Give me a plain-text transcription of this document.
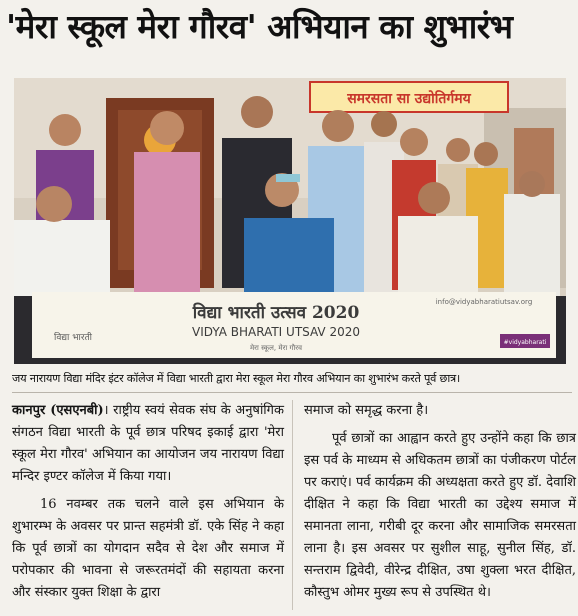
'मेरा स्कूल मेरा गौरव' अभियान का शुभारंभ
समरसता सा उद्योतिर्गमय
विद्या भारती
विद्या भारती उत्सव 2020
VIDYA BHARATI UTSAV 2020
मेरा स्कूल, मेरा गौरव
info@vidyabharatiutsav.org
#vidyabharati
जय नारायण विद्या मंदिर इंटर कॉलेज में विद्या भारती द्वारा मेरा स्कूल मेरा गौरव अभियान का शुभारंभ करते पूर्व छात्र।

कानपुर (एसएनबी)। राष्ट्रीय स्वयं सेवक संघ के अनुषांगिक संगठन विद्या भारती के पूर्व छात्र परिषद इकाई द्वारा 'मेरा स्कूल मेरा गौरव' अभियान का आयोजन जय नारायण विद्या मन्दिर इण्टर कॉलेज में किया गया।

16 नवम्बर तक चलने वाले इस अभियान के शुभारम्भ के अवसर पर प्रान्त सहमंत्री डॉ. एके सिंह ने कहा कि पूर्व छात्रों का योगदान सदैव से देश और समाज में परोपकार की भावना से जरूरतमंदों की सहायता करना और संस्कार युक्त शिक्षा के द्वारा

समाज को समृद्ध करना है।

पूर्व छात्रों का आह्वान करते हुए उन्होंने कहा कि छात्र इस पर्व के माध्यम से अधिकतम छात्रों का पंजीकरण पोर्टल पर कराएं। पर्व कार्यक्रम की अध्यक्षता करते हुए डॉ. देवाशि दीक्षित ने कहा कि विद्या भारती का उद्देश्य समाज में समानता लाना, गरीबी दूर करना और सामाजिक समरसता लाना है। इस अवसर पर सुशील साहू, सुनील सिंह, डॉ. सन्तराम द्विवेदी, वीरेन्द्र दीक्षित, उषा शुक्ला भरत दीक्षित, कौस्तुभ ओमर मुख्य रूप से उपस्थित थे।
